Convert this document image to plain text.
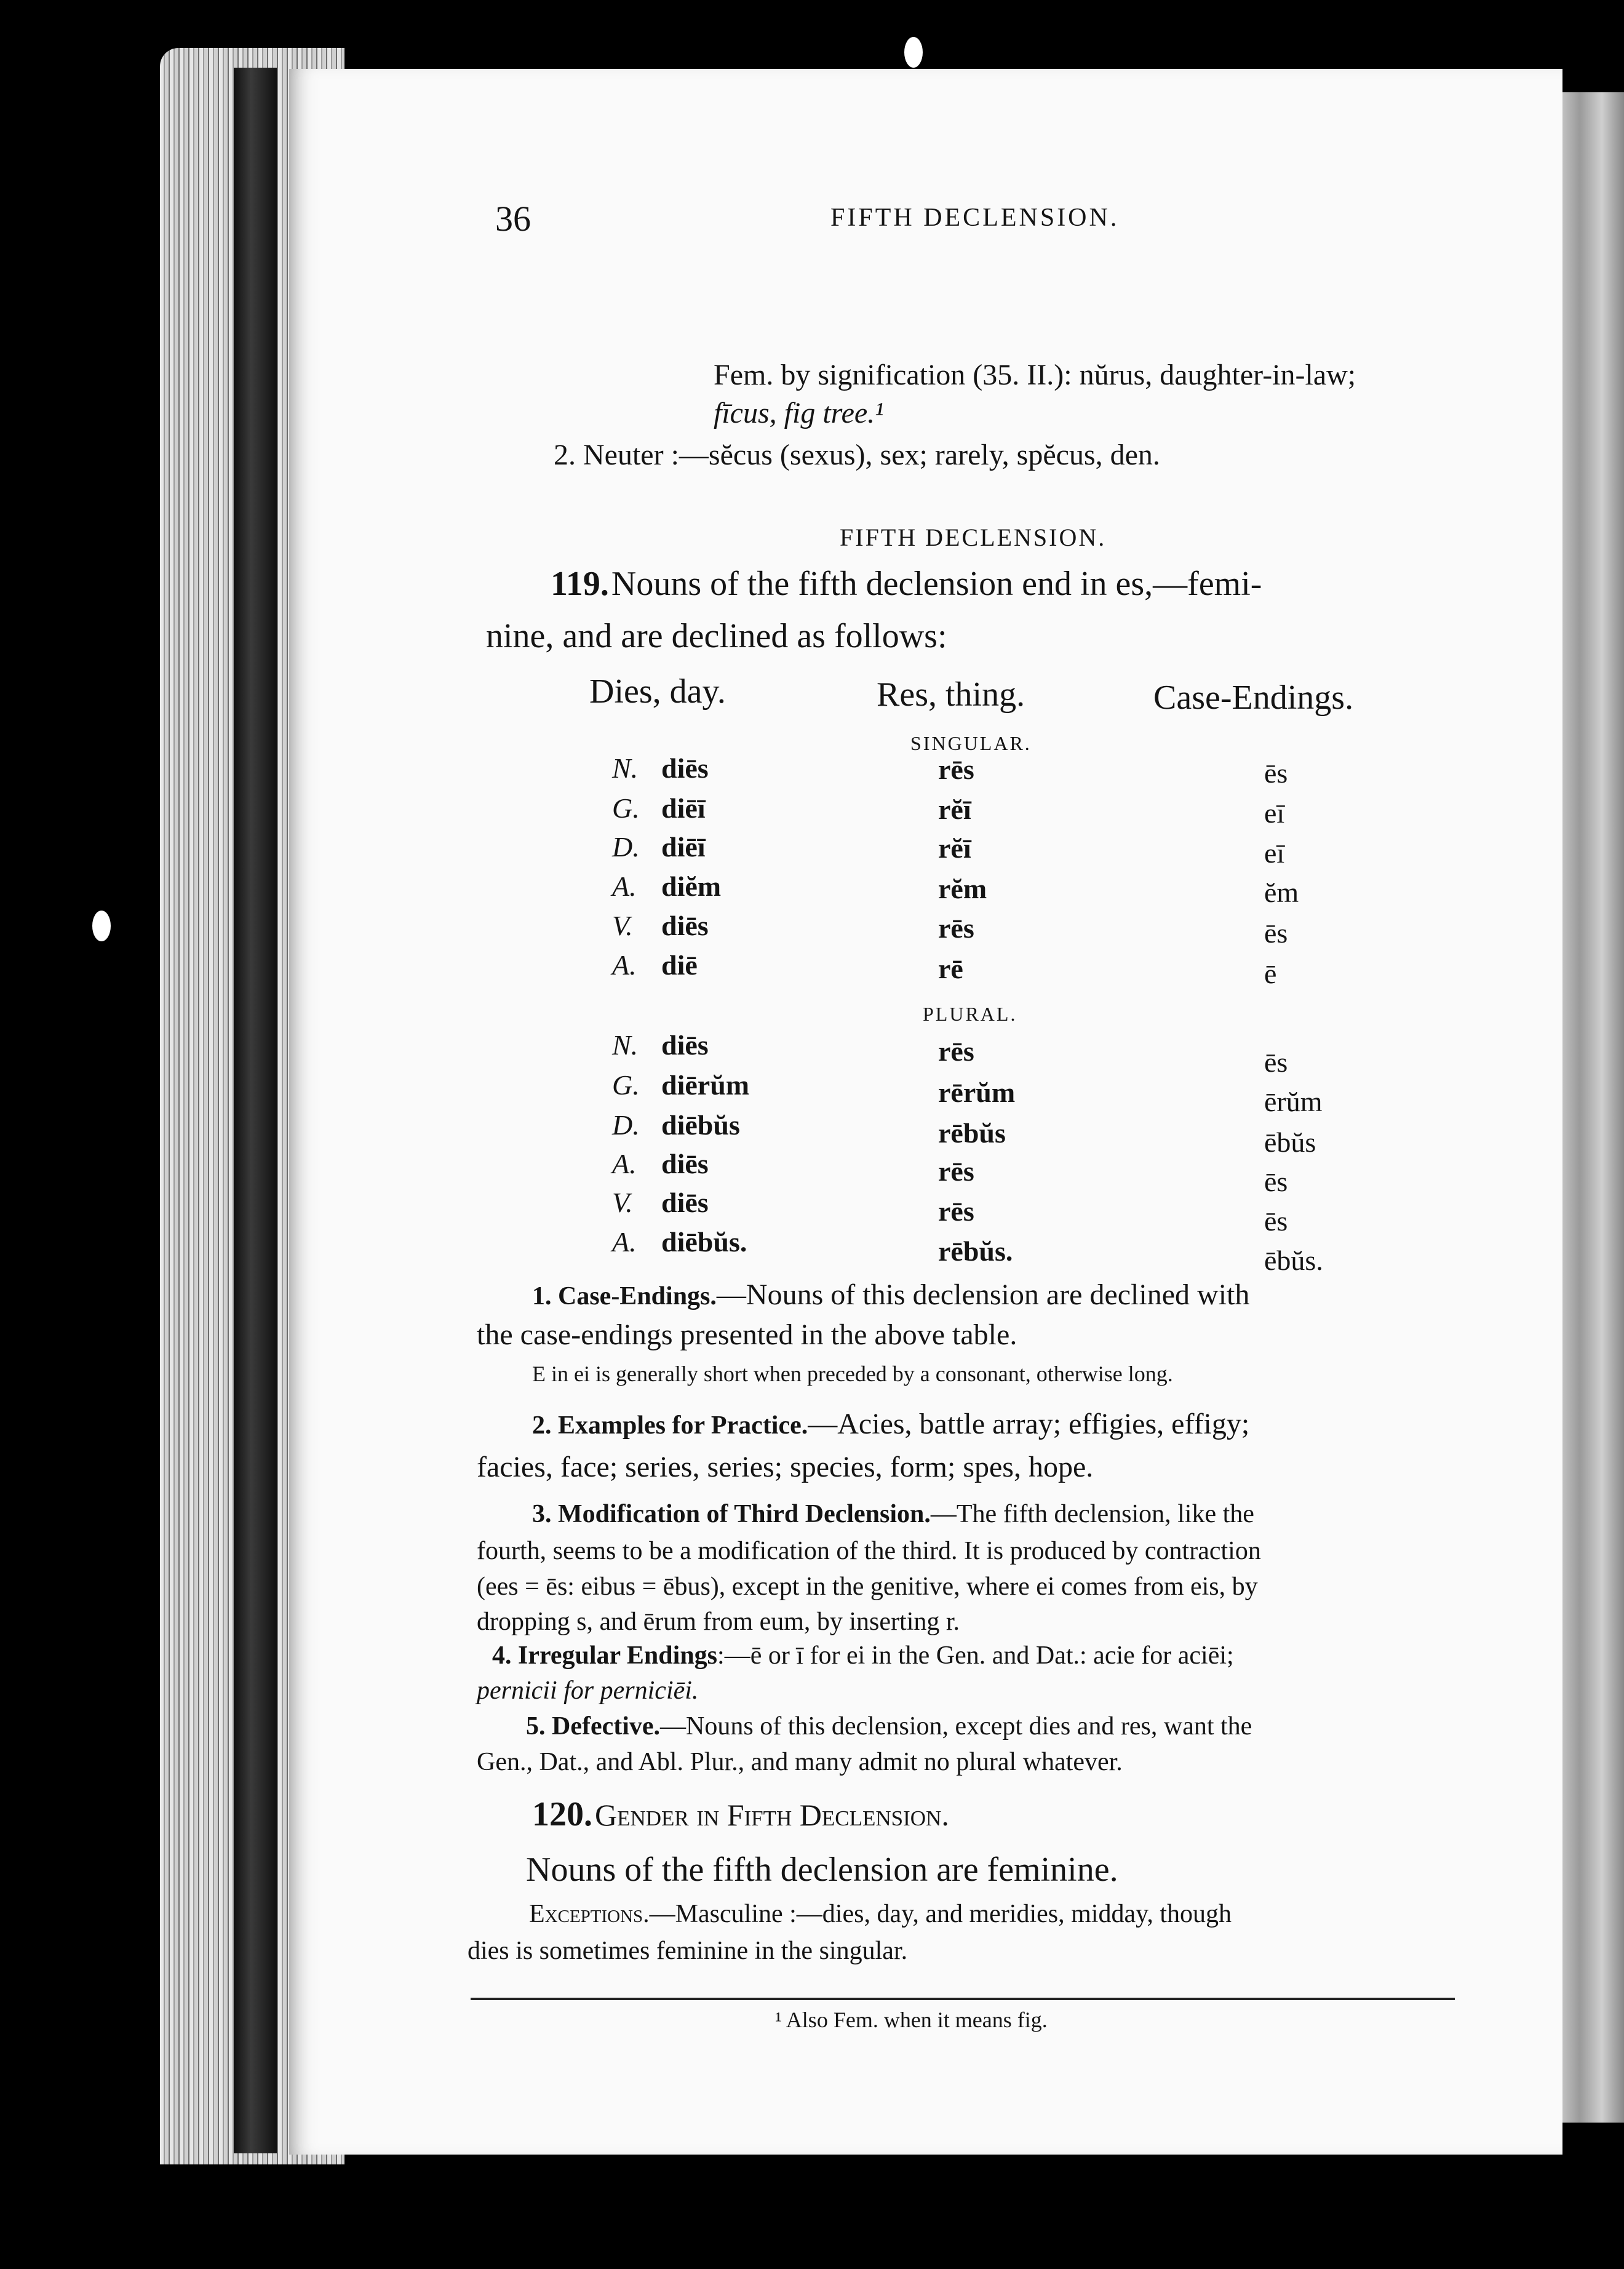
36	FIFTH DECLENSION.
Fem. by signification (35. II.): nŭrus, daughter-in-law;
fīcus, fig tree.¹
2. Neuter :—sĕcus (sexus), sex; rarely, spĕcus, den.
FIFTH DECLENSION.
119. Nouns of the fifth declension end in es,—femi-
nine, and are declined as follows:
Dies, day.	Res, thing.	Case-Endings.
SINGULAR.
N. diēs	rēs	ēs
G. diēī	rĕī	eī
D. diēī	rĕī	eī
A. diĕm	rĕm	ĕm
V. diēs	rēs	ēs
A. diē	rē	ē
PLURAL.
N. diēs	rēs	ēs
G. diērŭm	rērŭm	ērŭm
D. diēbŭs	rēbŭs	ēbŭs
A. diēs	rēs	ēs
V. diēs	rēs	ēs
A. diēbŭs.	rēbŭs.	ēbŭs.
1. Case-Endings.—Nouns of this declension are declined with
the case-endings presented in the above table.
E in ei is generally short when preceded by a consonant, otherwise long.
2. Examples for Practice.—Acies, battle array; effigies, effigy;
facies, face; series, series; species, form; spes, hope.
3. Modification of Third Declension.—The fifth declension, like the
fourth, seems to be a modification of the third. It is produced by contraction
(ees = ēs: eibus = ēbus), except in the genitive, where ei comes from eis, by
dropping s, and ērum from eum, by inserting r.
4. Irregular Endings:—ē or ī for ei in the Gen. and Dat.: acie for aciēi;
pernicii for perniciēi.
5. Defective.—Nouns of this declension, except dies and res, want the
Gen., Dat., and Abl. Plur., and many admit no plural whatever.
120. Gender in Fifth Declension.
Nouns of the fifth declension are feminine.
Exceptions.—Masculine :—dies, day, and meridies, midday, though
dies is sometimes feminine in the singular.
¹ Also Fem. when it means fig.
